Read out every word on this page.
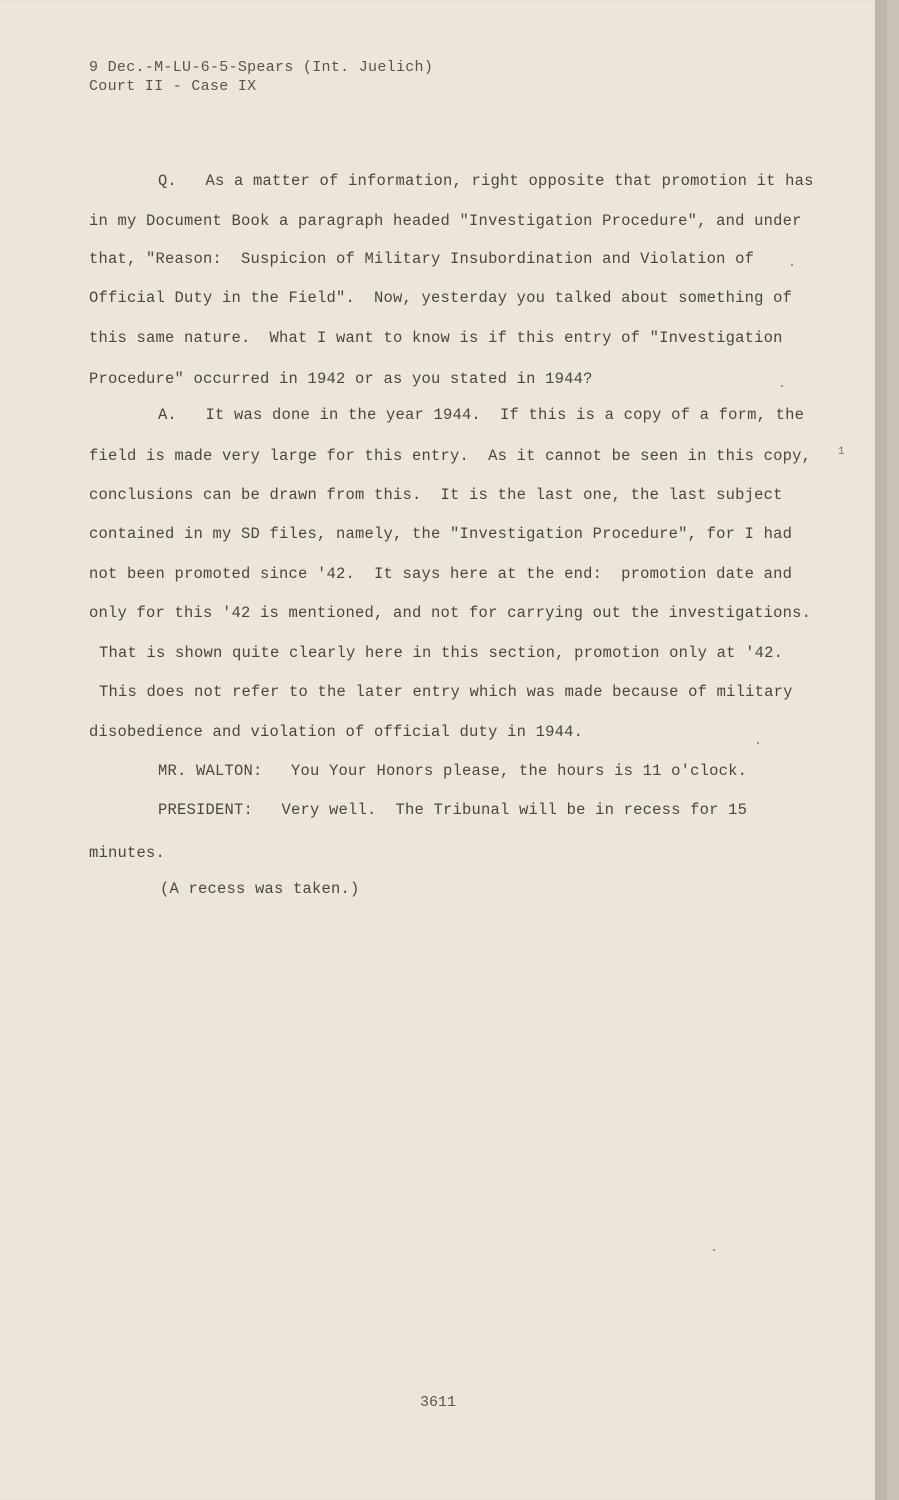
9 Dec.-M-LU-6-5-Spears (Int. Juelich)
Court II - Case IX
Q.   As a matter of information, right opposite that promotion it has
in my Document Book a paragraph headed "Investigation Procedure", and under
that, "Reason:  Suspicion of Military Insubordination and Violation of
Official Duty in the Field".  Now, yesterday you talked about something of
this same nature.  What I want to know is if this entry of "Investigation
Procedure" occurred in 1942 or as you stated in 1944?
A.   It was done in the year 1944.  If this is a copy of a form, the
field is made very large for this entry.  As it cannot be seen in this copy,
conclusions can be drawn from this.  It is the last one, the last subject
contained in my SD files, namely, the "Investigation Procedure", for I had
not been promoted since '42.  It says here at the end:  promotion date and
only for this '42 is mentioned, and not for carrying out the investigations.
That is shown quite clearly here in this section, promotion only at '42.
This does not refer to the later entry which was made because of military
disobedience and violation of official duty in 1944.
MR. WALTON:   You Your Honors please, the hours is 11 o'clock.
PRESIDENT:   Very well.  The Tribunal will be in recess for 15
minutes.
(A recess was taken.)
1
3611
